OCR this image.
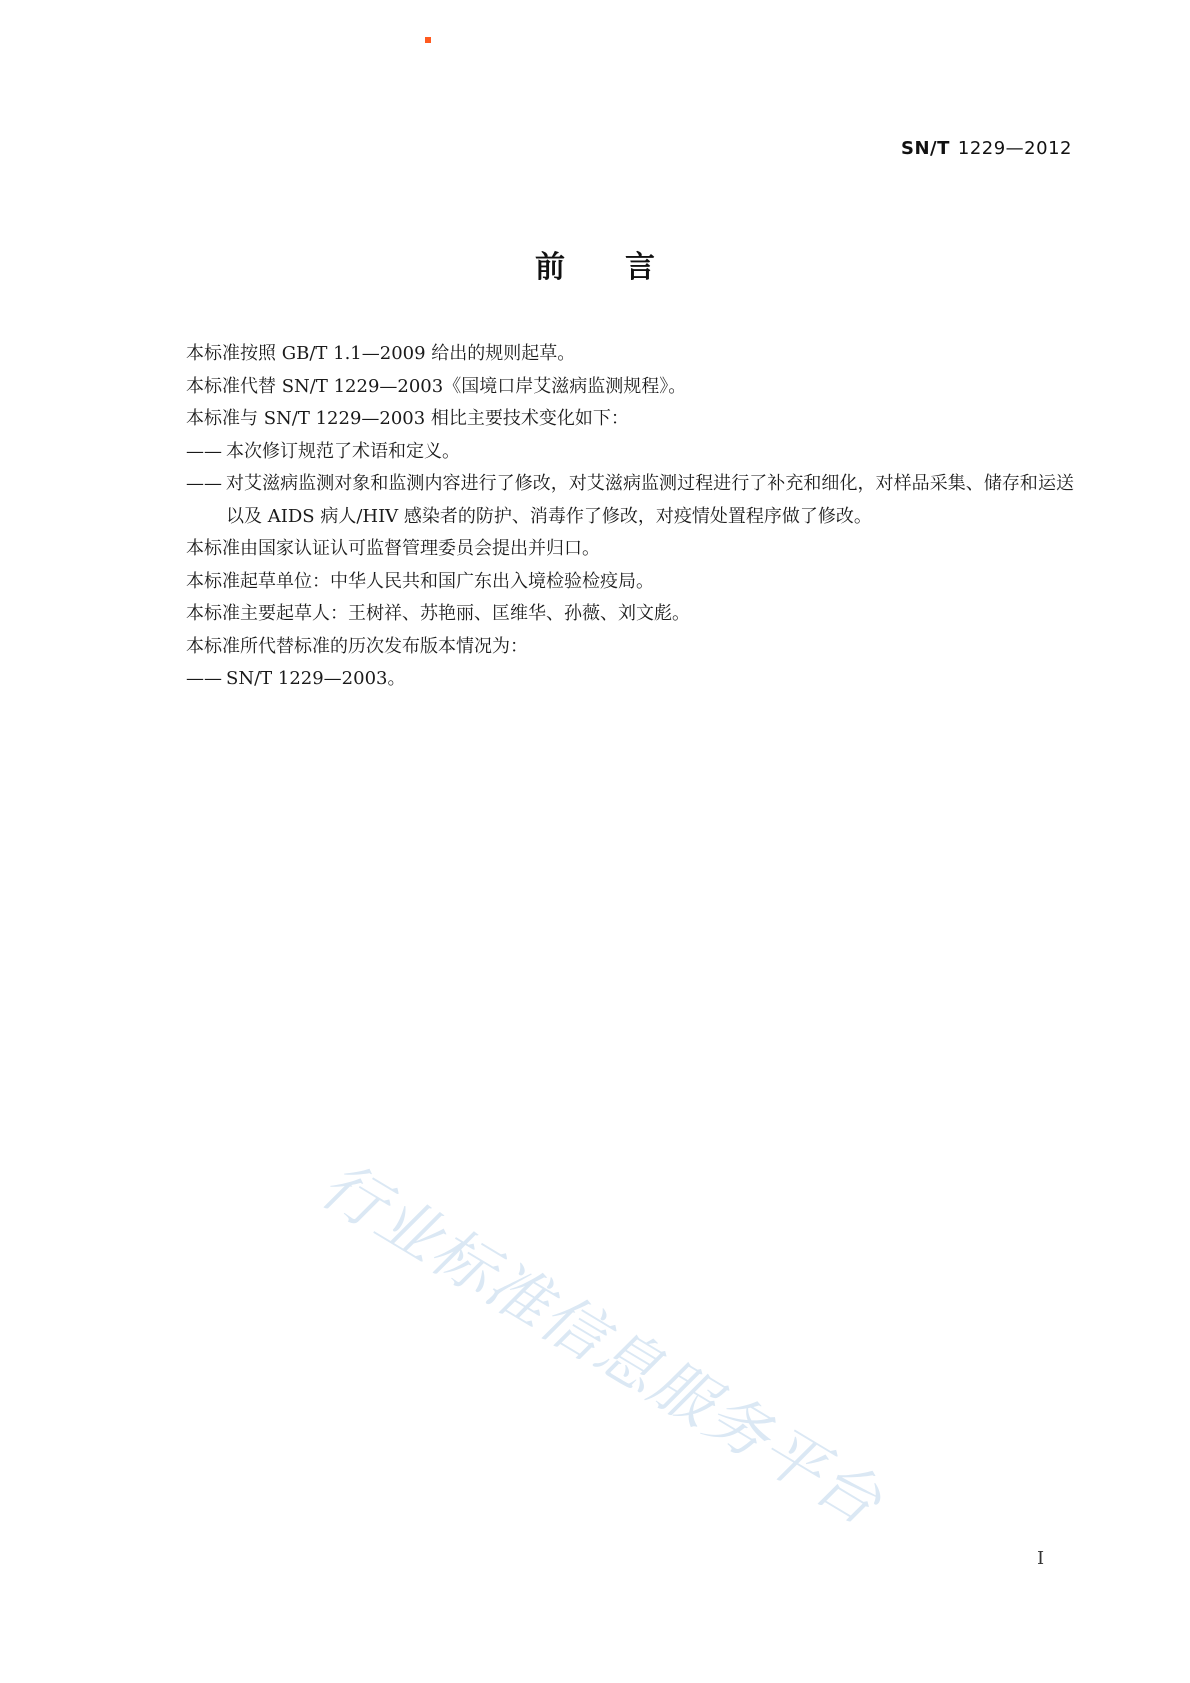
SN/T 1229—2012
前言
行业标准信息服务平台

本标准按照 GB/T 1.1—2009 给出的规则起草。

本标准代替 SN/T 1229—2003《国境口岸艾滋病监测规程》。

本标准与 SN/T 1229—2003 相比主要技术变化如下：

—— 本次修订规范了术语和定义。
—— 对艾滋病监测对象和监测内容进行了修改，对艾滋病监测过程进行了补充和细化，对样品采集、储存和运送以及 AIDS 病人/HIV 感染者的防护、消毒作了修改，对疫情处置程序做了修改。

本标准由国家认证认可监督管理委员会提出并归口。

本标准起草单位：中华人民共和国广东出入境检验检疫局。

本标准主要起草人：王树祥、苏艳丽、匡维华、孙薇、刘文彪。

本标准所代替标准的历次发布版本情况为：

—— SN/T 1229—2003。
I
